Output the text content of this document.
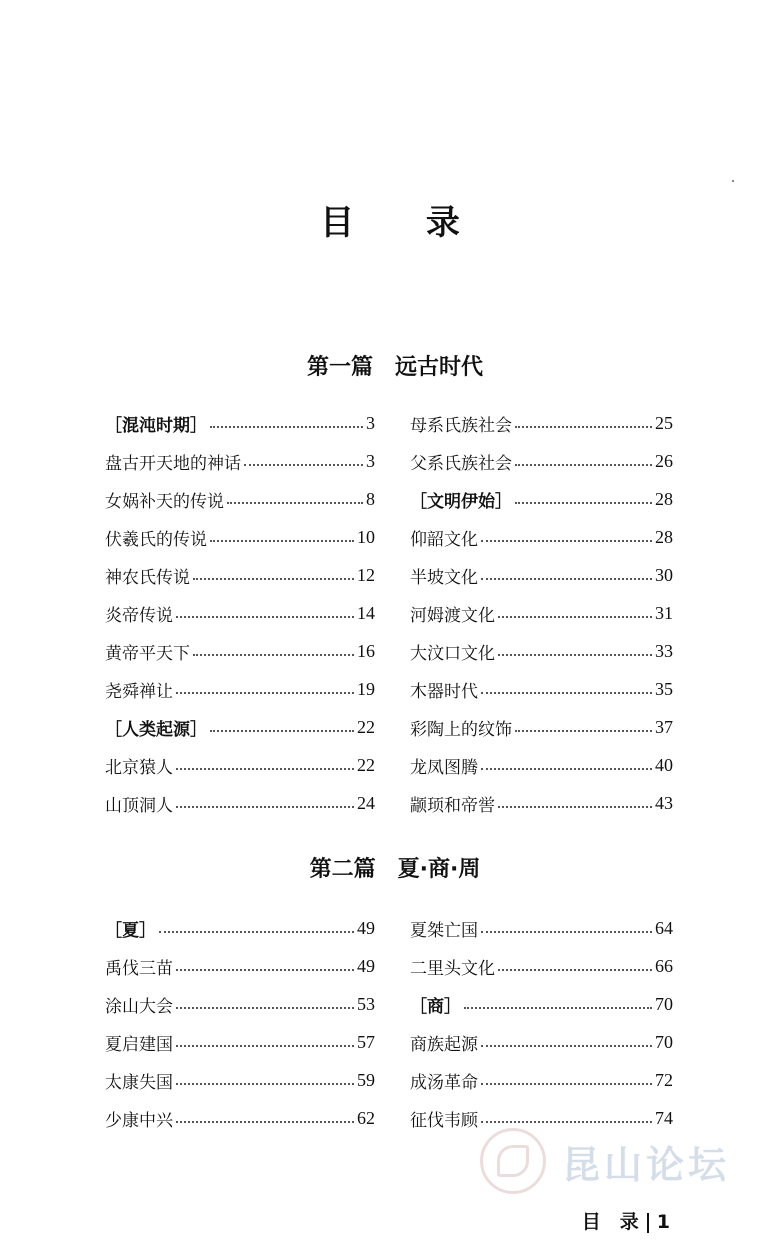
目 录
第一篇　远古时代
［混沌时期］	3
盘古开天地的神话	3
女娲补天的传说	8
伏羲氏的传说	10
神农氏传说	12
炎帝传说	14
黄帝平天下	16
尧舜禅让	19
［人类起源］	22
北京猿人	22
山顶洞人	24
母系氏族社会	25
父系氏族社会	26
［文明伊始］	28
仰韶文化	28
半坡文化	30
河姆渡文化	31
大汶口文化	33
木器时代	35
彩陶上的纹饰	37
龙凤图腾	40
颛顼和帝喾	43
第二篇　夏·商·周
［夏］	49
禹伐三苗	49
涂山大会	53
夏启建国	57
太康失国	59
少康中兴	62
夏桀亡国	64
二里头文化	66
［商］	70
商族起源	70
成汤革命	72
征伐韦顾	74
昆山论坛
目　录 1
